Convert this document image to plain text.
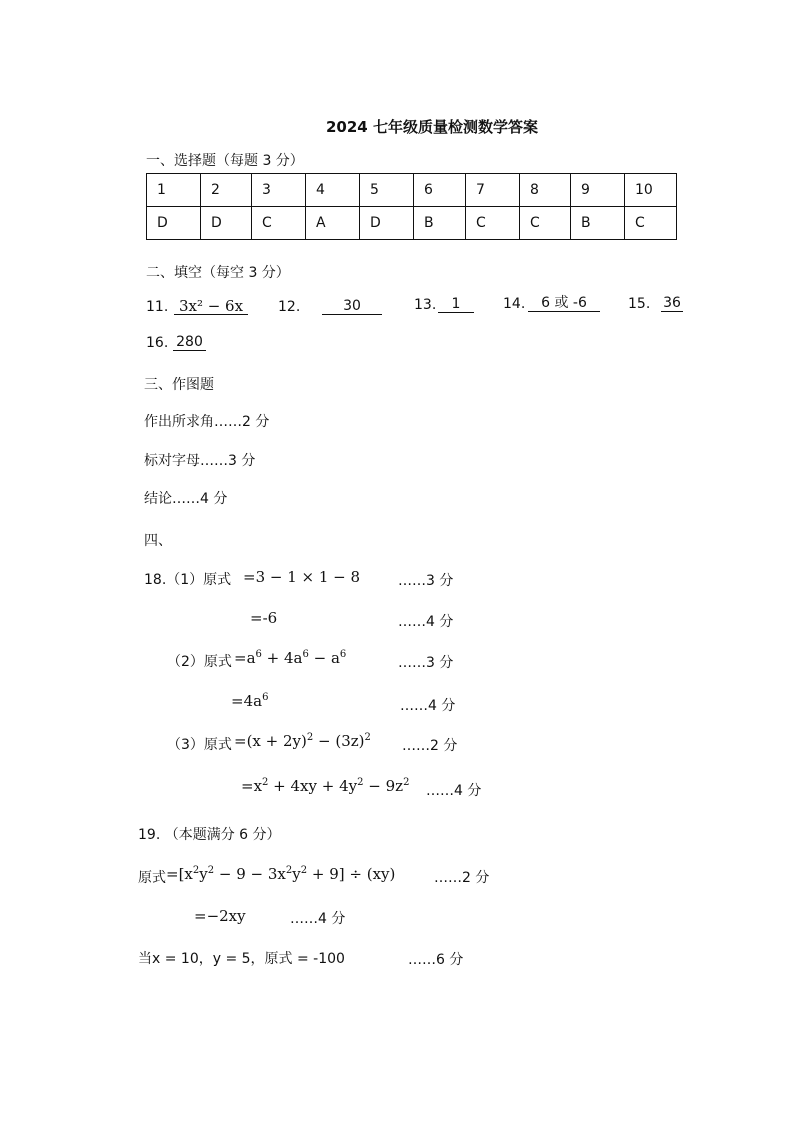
2024 七年级质量检测数学答案
一、选择题（每题 3 分）
1	2	3	4	5	6	7	8	9	10
D	D	C	A	D	B	C	C	B	C
二、填空（每空 3 分）
11. 3x² − 6x	12.	30	13.	1	14.	6 或 -6	15. 36
16. 280
三、作图题
作出所求角……2 分
标对字母……3 分
结论……4 分
四、
18.（1）原式 =3 − 1 × 1 − 8	……3 分
=-6	……4 分
（2）原式 $=a^6 + 4a^6 - a^6$
……3 分
$=4a^6$
……4 分
（3）原式 $=(x + 2y)^2 - (3z)^2$
……2 分
$=x^2 + 4xy + 4y^2 - 9z^2$
……4 分
19. （本题满分 6 分）
原式 $=[x^2y^2 - 9 - 3x^2y^2 + 9] \div (xy)$	……2 分
=−2xy	……4 分
当x = 10，y = 5，原式 = -100	……6 分
